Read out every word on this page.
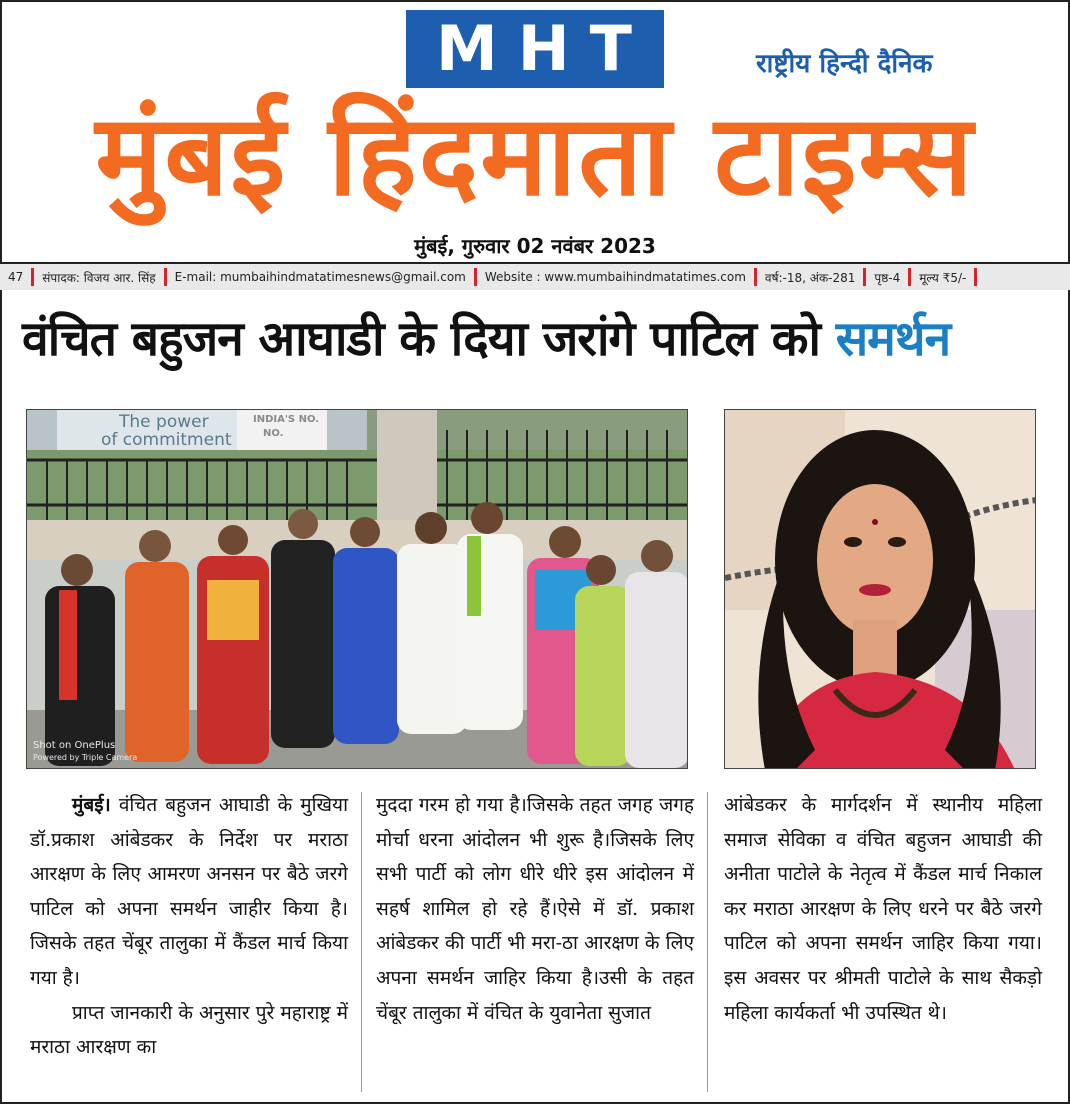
M H T	राष्ट्रीय हिन्दी दैनिक
मुंबई हिंदमाता टाइम्स
मुंबई, गुरुवार 02 नवंबर 2023
47	संपादक: विजय आर. सिंह	E-mail: mumbaihindmatatimesnews@gmail.com	Website : www.mumbaihindmatatimes.com	वर्ष:-18, अंक-281	पृष्ठ-4	मूल्य ₹5/-
वंचित बहुजन आघाडी के दिया जरांगे पाटिल को समर्थन
The power
of commitment
INDIA'S NO.
NO.
Shot on OnePlus
Powered by Triple Camera

मुंबई। वंचित बहुजन आघाडी के मुखिया डॉ.प्रकाश आंबेडकर के निर्देश पर मराठा आरक्षण के लिए आमरण अनसन पर बैठे जरगे पाटिल को अपना समर्थन जाहीर किया है।जिसके तहत चेंबूर तालुका में कैंडल मार्च किया गया है।

प्राप्त जानकारी के अनुसार पुरे महाराष्ट्र में मराठा आरक्षण का

मुददा गरम हो गया है।जिसके तहत जगह जगह मोर्चा धरना आंदोलन भी शुरू है।जिसके लिए सभी पार्टी को लोग धीरे धीरे इस आंदोलन में सहर्ष शामिल हो रहे हैं।ऐसे में डॉ. प्रकाश आंबेडकर की पार्टी भी मरा-ठा आरक्षण के लिए अपना समर्थन जाहिर किया है।उसी के तहत चेंबूर तालुका में वंचित के युवानेता सुजात

आंबेडकर के मार्गदर्शन में स्थानीय महिला समाज सेविका व वंचित बहुजन आघाडी की अनीता पाटोले के नेतृत्व में कैंडल मार्च निकाल कर मराठा आरक्षण के लिए धरने पर बैठे जरगे पाटिल को अपना समर्थन जाहिर किया गया।इस अवसर पर श्रीमती पाटोले के साथ सैकड़ो महिला कार्यकर्ता भी उपस्थित थे।
